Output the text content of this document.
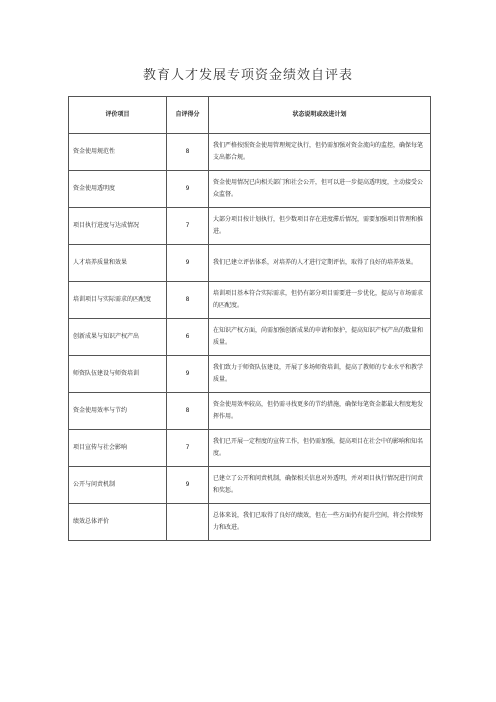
教育人才发展专项资金绩效自评表
评价项目	自评得分	状态说明或改进计划
资金使用规范性	8	我们严格按照资金使用管理规定执行，但仍需加强对资金流向的监控，确保每笔支出都合规。
资金使用透明度	9	资金使用情况已向相关部门和社会公开，但可以进一步提高透明度，主动接受公众监督。
项目执行进度与达成情况	7	大部分项目按计划执行，但少数项目存在进度滞后情况，需要加强项目管理和推进。
人才培养质量和效果	9	我们已建立评估体系，对培养的人才进行定期评估，取得了良好的培养效果。
培训项目与实际需求的匹配度	8	培训项目基本符合实际需求，但仍有部分项目需要进一步优化，提高与市场需求的匹配度。
创新成果与知识产权产出	6	在知识产权方面，尚需加强创新成果的申请和保护，提高知识产权产出的数量和质量。
师资队伍建设与师资培训	9	我们致力于师资队伍建设，开展了多场师资培训，提高了教师的专业水平和教学质量。
资金使用效率与节约	8	资金使用效率较高，但仍需寻找更多的节约措施，确保每笔资金都最大程度地发挥作用。
项目宣传与社会影响	7	我们已开展一定程度的宣传工作，但仍需加强，提高项目在社会中的影响和知名度。
公开与问责机制	9	已建立了公开和问责机制，确保相关信息对外透明，并对项目执行情况进行问责和奖惩。
绩效总体评价		总体来说，我们已取得了良好的绩效，但在一些方面仍有提升空间，将会持续努力和改进。
